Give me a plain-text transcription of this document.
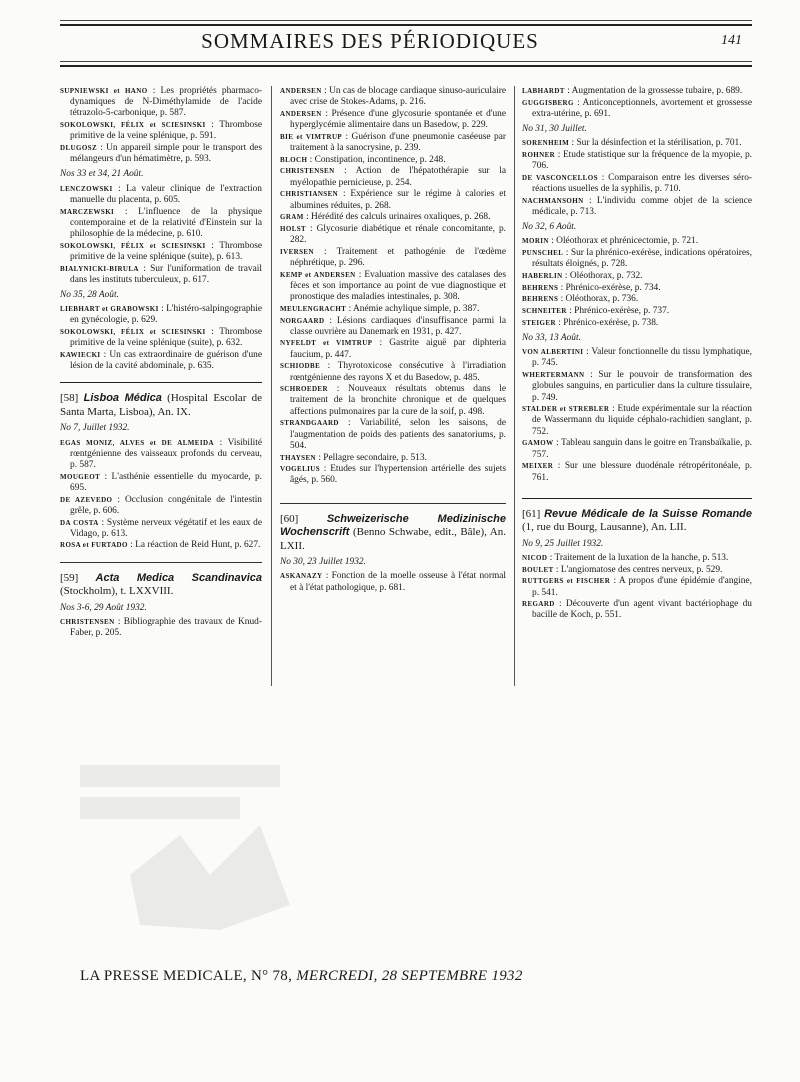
SOMMAIRES DES PÉRIODIQUES	141
SUPNIEWSKI et HANO : Les propriétés pharmaco-dynamiques de N-Diméthylamide de l'acide tétrazolo-5-carbonique, p. 587.
SOKOLOWSKI, FÉLIX et SCIESINSKI : Thrombose primitive de la veine splénique, p. 591.
DLUGOSZ : Un appareil simple pour le transport des mélangeurs d'un hématimètre, p. 593.
Nos 33 et 34, 21 Août.
LENCZOWSKI : La valeur clinique de l'extraction manuelle du placenta, p. 605.
MARCZEWSKI : L'influence de la physique contemporaine et de la relativité d'Einstein sur la philosophie de la médecine, p. 610.
SOKOLOWSKI, FÉLIX et SCIESINSKI : Thrombose primitive de la veine splénique (suite), p. 613.
BIALYNICKI-BIRULA : Sur l'uniformation de travail dans les instituts tuberculeux, p. 617.
No 35, 28 Août.
LIEBHART et GRABOWSKI : L'histéro-salpingographie en gynécologie, p. 629.
SOKOLOWSKI, FÉLIX et SCIESINSKI : Thrombose primitive de la veine splénique (suite), p. 632.
KAWIECKI : Un cas extraordinaire de guérison d'une lésion de la cavité abdominale, p. 635.
[58] Lisboa Médica (Hospital Escolar de Santa Marta, Lisboa), An. IX.
No 7, Juillet 1932.
EGAS MONIZ, ALVES et DE ALMEIDA : Visibilité rœntgénienne des vaisseaux profonds du cerveau, p. 587.
MOUGEOT : L'asthénie essentielle du myocarde, p. 695.
DE AZEVEDO : Occlusion congénitale de l'intestin grêle, p. 606.
DA COSTA : Système nerveux végétatif et les eaux de Vidago, p. 613.
ROSA et FURTADO : La réaction de Reid Hunt, p. 627.
[59] Acta Medica Scandinavica (Stockholm), t. LXXVIII.
Nos 3-6, 29 Août 1932.
CHRISTENSEN : Bibliographie des travaux de Knud-Faber, p. 205.
ANDERSEN : Un cas de blocage cardiaque sinuso-auriculaire avec crise de Stokes-Adams, p. 216.
ANDERSEN : Présence d'une glycosurie spontanée et d'une hyperglycémie alimentaire dans un Basedow, p. 229.
BIE et VIMTRUP : Guérison d'une pneumonie caséeuse par traitement à la sanocrysine, p. 239.
BLOCH : Constipation, incontinence, p. 248.
CHRISTENSEN : Action de l'hépatothérapie sur la myélopathie pernicieuse, p. 254.
CHRISTIANSEN : Expérience sur le régime à calories et albumines réduites, p. 268.
GRAM : Hérédité des calculs urinaires oxaliques, p. 268.
HOLST : Glycosurie diabétique et rénale concomitante, p. 282.
IVERSEN : Traitement et pathogénie de l'œdème néphrétique, p. 296.
KEMP et ANDERSEN : Evaluation massive des catalases des fèces et son importance au point de vue diagnostique et pronostique des maladies intestinales, p. 308.
MEULENGRACHT : Anémie achylique simple, p. 387.
NORGAARD : Lésions cardiaques d'insuffisance parmi la classe ouvrière au Danemark en 1931, p. 427.
NYFELDT et VIMTRUP : Gastrite aiguë par diphteria faucium, p. 447.
SCHIODBE : Thyrotoxicose consécutive à l'irradiation rœntgénienne des rayons X et du Basedow, p. 485.
SCHROEDER : Nouveaux résultats obtenus dans le traitement de la bronchite chronique et de quelques affections pulmonaires par la cure de la soif, p. 498.
STRANDGAARD : Variabilité, selon les saisons, de l'augmentation de poids des patients des sanatoriums, p. 504.
THAYSEN : Pellagre secondaire, p. 513.
VOGELIUS : Etudes sur l'hypertension artérielle des sujets âgés, p. 560.
[60]	Schweizerische Medizinische Wochenscrift (Benno Schwabe, edit., Bâle), An. LXII.
No 30, 23 Juillet 1932.
ASKANAZY : Fonction de la moelle osseuse à l'état normal et à l'état pathologique, p. 681.
LABHARDT : Augmentation de la grossesse tubaire, p. 689.
GUGGISBERG : Anticonceptionnels, avortement et grossesse extra-utérine, p. 691.
No 31, 30 Juillet.
SORENHEIM : Sur la désinfection et la stérilisation, p. 701.
ROHNER : Etude statistique sur la fréquence de la myopie, p. 706.
DE VASCONCELLOS : Comparaison entre les diverses séro-réactions usuelles de la syphilis, p. 710.
NACHMANSOHN : L'individu comme objet de la science médicale, p. 713.
No 32, 6 Août.
MORIN : Oléothorax et phrénicectomie, p. 721.
PUNSCHEL : Sur la phrénico-exérèse, indications opératoires, résultats éloignés, p. 728.
HABERLIN : Oléothorax, p. 732.
BEHRENS : Phrénico-exérèse, p. 734.
BEHRENS : Oléothorax, p. 736.
SCHNEITER : Phrénico-exérèse, p. 737.
STEIGER : Phrénico-exérèse, p. 738.
No 33, 13 Août.
VON ALBERTINI : Valeur fonctionnelle du tissu lymphatique, p. 745.
WHERTERMANN : Sur le pouvoir de transformation des globules sanguins, en particulier dans la culture tissulaire, p. 749.
STALDER et STREBLER : Etude expérimentale sur la réaction de Wassermann du liquide céphalo-rachidien sanglant, p. 752.
GAMOW : Tableau sanguin dans le goitre en Transbaïkalie, p. 757.
MEIXER : Sur une blessure duodénale rétropéritonéale, p. 761.
[61] Revue Médicale de la Suisse Romande (1, rue du Bourg, Lausanne), An. LII.
No 9, 25 Juillet 1932.
NICOD : Traitement de la luxation de la hanche, p. 513.
BOULET : L'angiomatose des centres nerveux, p. 529.
RUTTGERS et FISCHER : A propos d'une épidémie d'angine, p. 541.
REGARD : Découverte d'un agent vivant bactériophage du bacille de Koch, p. 551.
LA PRESSE MEDICALE, N° 78, MERCREDI, 28 SEPTEMBRE 1932
